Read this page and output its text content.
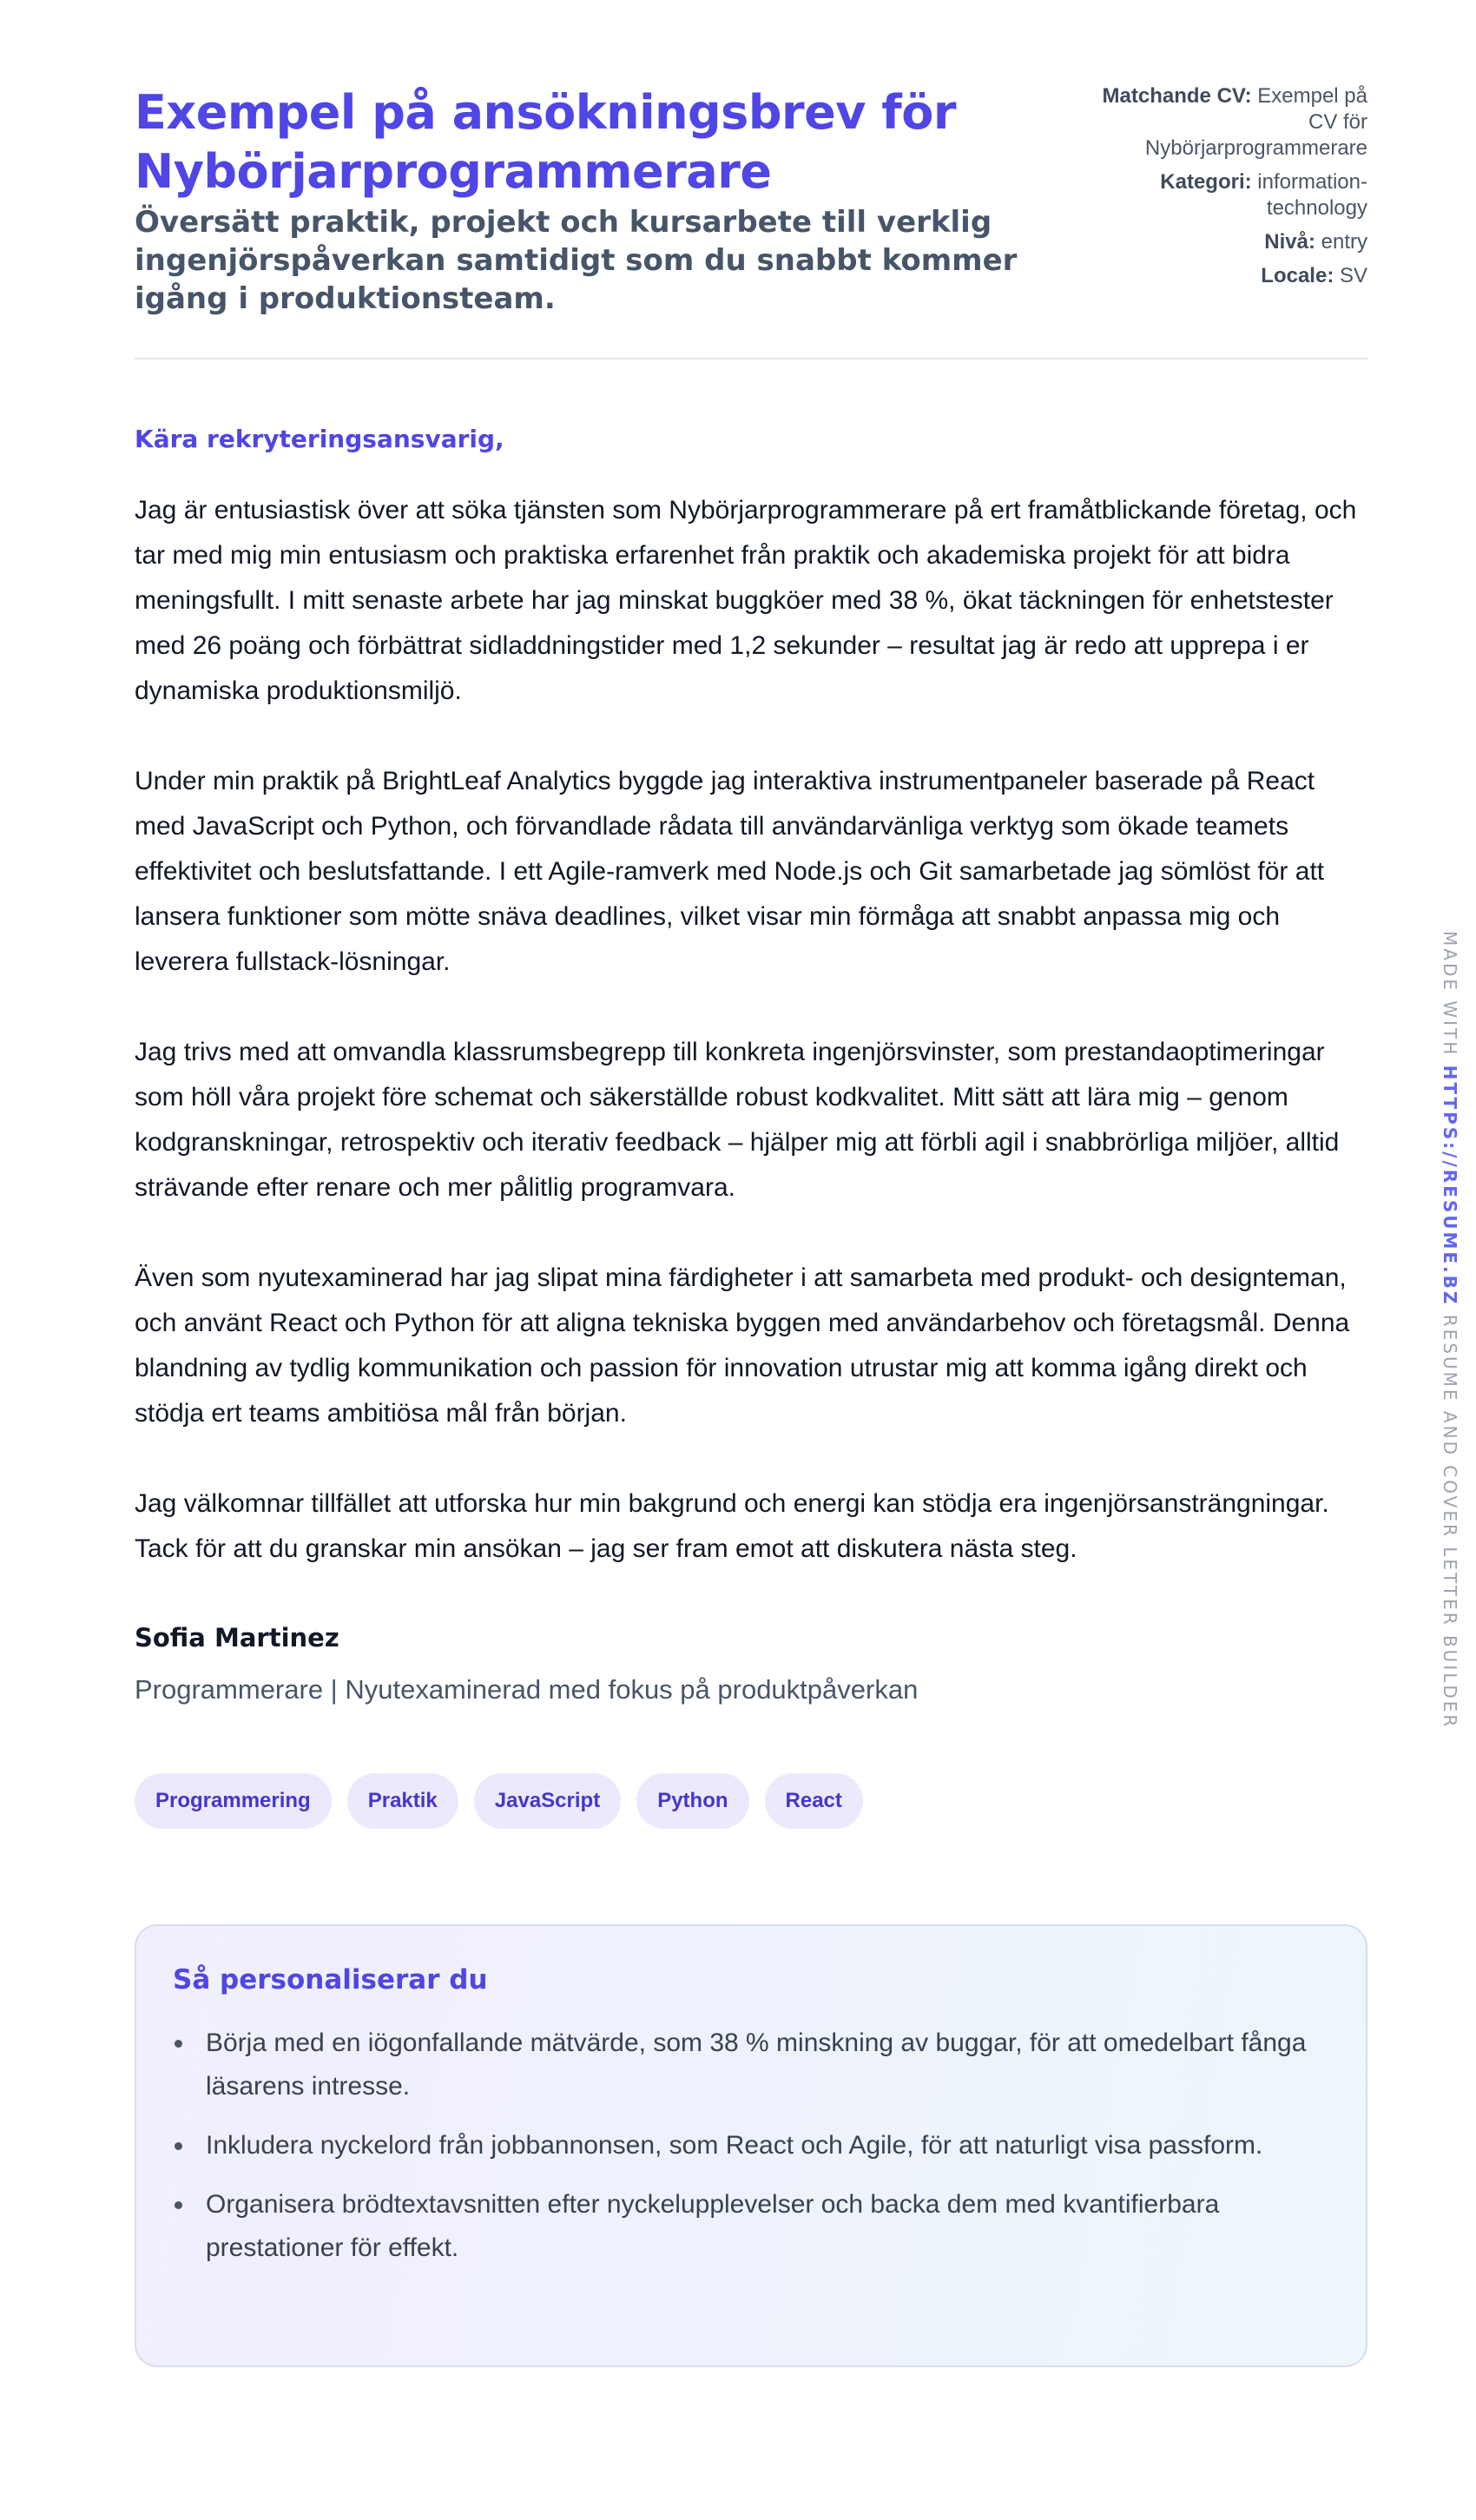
Exempel på ansökningsbrev för Nybörjarprogrammerare
Översätt praktik, projekt och kursarbete till verklig ingenjörspåverkan samtidigt som du snabbt kommer igång i produktionsteam.
Matchande CV: Exempel på CV för Nybörjarprogrammerare
Kategori: information-technology
Nivå: entry
Locale: SV
Kära rekryteringsansvarig,

Jag är entusiastisk över att söka tjänsten som Nybörjarprogrammerare på ert framåtblickande företag, och tar med mig min entusiasm och praktiska erfarenhet från praktik och akademiska projekt för att bidra meningsfullt. I mitt senaste arbete har jag minskat buggköer med 38 %, ökat täckningen för enhetstester med 26 poäng och förbättrat sidladdningstider med 1,2 sekunder – resultat jag är redo att upprepa i er dynamiska produktionsmiljö.

Under min praktik på BrightLeaf Analytics byggde jag interaktiva instrumentpaneler baserade på React med JavaScript och Python, och förvandlade rådata till användarvänliga verktyg som ökade teamets effektivitet och beslutsfattande. I ett Agile-ramverk med Node.js och Git samarbetade jag sömlöst för att lansera funktioner som mötte snäva deadlines, vilket visar min förmåga att snabbt anpassa mig och leverera fullstack-lösningar.

Jag trivs med att omvandla klassrumsbegrepp till konkreta ingenjörsvinster, som prestandaoptimeringar som höll våra projekt före schemat och säkerställde robust kodkvalitet. Mitt sätt att lära mig – genom kodgranskningar, retrospektiv och iterativ feedback – hjälper mig att förbli agil i snabbrörliga miljöer, alltid strävande efter renare och mer pålitlig programvara.

Även som nyutexaminerad har jag slipat mina färdigheter i att samarbeta med produkt- och designteman, och använt React och Python för att aligna tekniska byggen med användarbehov och företagsmål. Denna blandning av tydlig kommunikation och passion för innovation utrustar mig att komma igång direkt och stödja ert teams ambitiösa mål från början.

Jag välkomnar tillfället att utforska hur min bakgrund och energi kan stödja era ingenjörsansträngningar. Tack för att du granskar min ansökan – jag ser fram emot att diskutera nästa steg.

Sofia Martinez
Programmerare | Nyutexaminerad med fokus på produktpåverkan
Programmering	Praktik	JavaScript	Python	React
Så personaliserar du
Börja med en iögonfallande mätvärde, som 38 % minskning av buggar, för att omedelbart fånga läsarens intresse.
Inkludera nyckelord från jobbannonsen, som React och Agile, för att naturligt visa passform.
Organisera brödtextavsnitten efter nyckelupplevelser och backa dem med kvantifierbara prestationer för effekt.
MADE WITH HTTPS://RESUME.BZ RESUME AND COVER LETTER BUILDER
